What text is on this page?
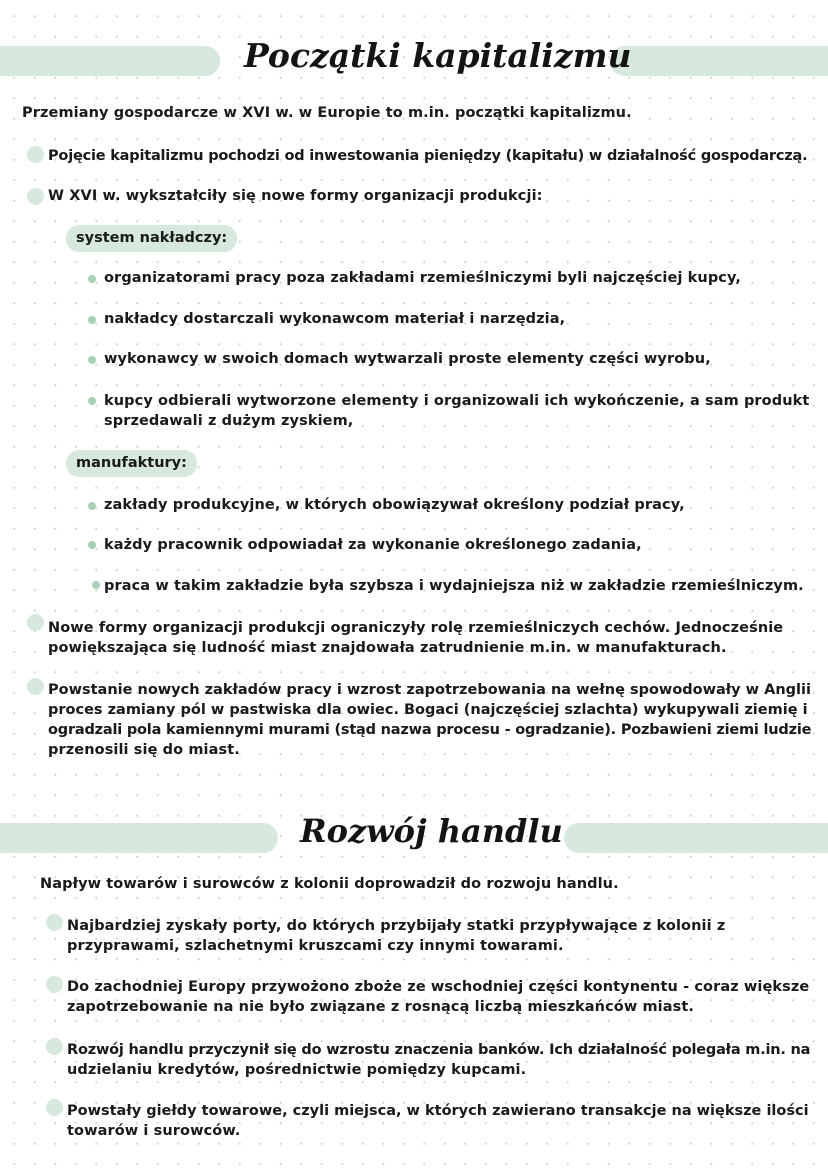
Początki kapitalizmu

Przemiany gospodarcze w XVI w. w Europie to m.in. początki kapitalizmu.

Pojęcie kapitalizmu pochodzi od inwestowania pieniędzy (kapitału) w działalność gospodarczą.

W XVI w. wykształciły się nowe formy organizacji produkcji:

system nakładczy:

organizatorami pracy poza zakładami rzemieślniczymi byli najczęściej kupcy,

nakładcy dostarczali wykonawcom materiał i narzędzia,

wykonawcy w swoich domach wytwarzali proste elementy części wyrobu,

kupcy odbierali wytworzone elementy i organizowali ich wykończenie, a sam produkt

sprzedawali z dużym zyskiem,

manufaktury:

zakłady produkcyjne, w których obowiązywał określony podział pracy,

każdy pracownik odpowiadał za wykonanie określonego zadania,

praca w takim zakładzie była szybsza i wydajniejsza niż w zakładzie rzemieślniczym.

Nowe formy organizacji produkcji ograniczyły rolę rzemieślniczych cechów. Jednocześnie

powiększająca się ludność miast znajdowała zatrudnienie m.in. w manufakturach.

Powstanie nowych zakładów pracy i wzrost zapotrzebowania na wełnę spowodowały w Anglii

proces zamiany pól w pastwiska dla owiec. Bogaci (najczęściej szlachta) wykupywali ziemię i

ogradzali pola kamiennymi murami (stąd nazwa procesu - ogradzanie). Pozbawieni ziemi ludzie

przenosili się do miast.

Rozwój handlu

Napływ towarów i surowców z kolonii doprowadził do rozwoju handlu.

Najbardziej zyskały porty, do których przybijały statki przypływające z kolonii z

przyprawami, szlachetnymi kruszcami czy innymi towarami.

Do zachodniej Europy przywożono zboże ze wschodniej części kontynentu - coraz większe

zapotrzebowanie na nie było związane z rosnącą liczbą mieszkańców miast.

Rozwój handlu przyczynił się do wzrostu znaczenia banków. Ich działalność polegała m.in. na

udzielaniu kredytów, pośrednictwie pomiędzy kupcami.

Powstały giełdy towarowe, czyli miejsca, w których zawierano transakcje na większe ilości

towarów i surowców.
